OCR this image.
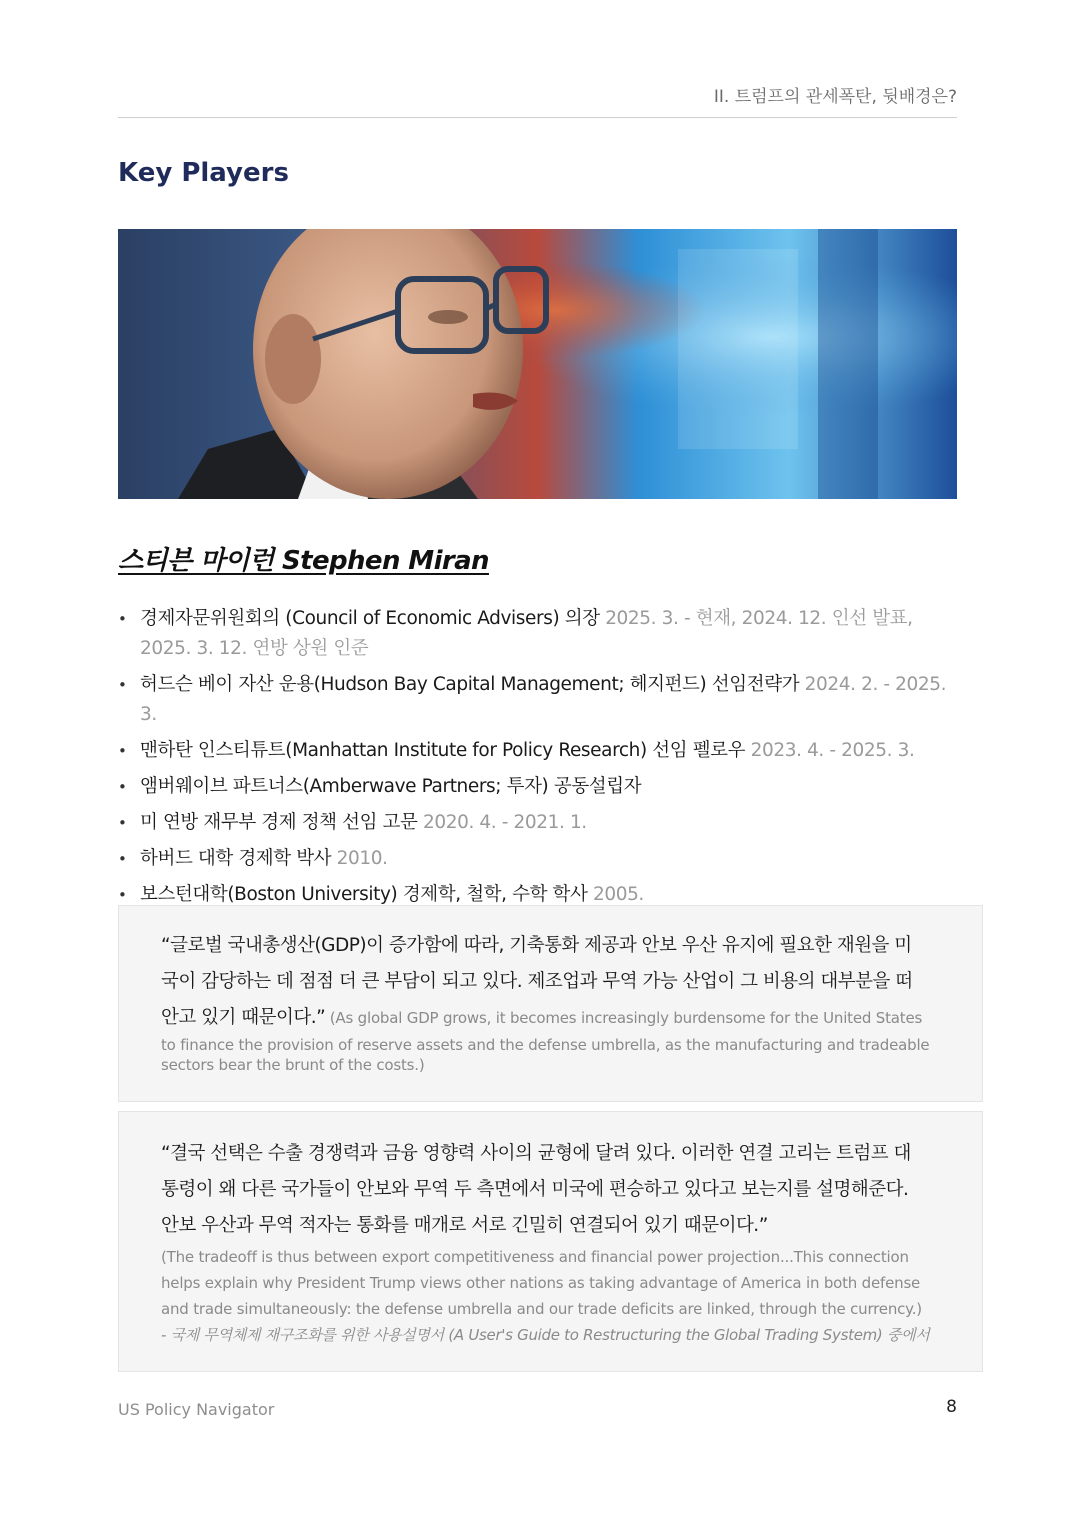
II. 트럼프의 관세폭탄, 뒷배경은?
Key Players
스티븐 마이런 Stephen Miran
• 경제자문위원회의 (Council of Economic Advisers) 의장 2025. 3. - 현재, 2024. 12. 인선 발표, 2025. 3. 12. 연방 상원 인준
• 허드슨 베이 자산 운용(Hudson Bay Capital Management; 헤지펀드) 선임전략가 2024. 2. - 2025. 3.
• 맨하탄 인스티튜트(Manhattan Institute for Policy Research) 선임 펠로우 2023. 4. - 2025. 3.
• 앰버웨이브 파트너스(Amberwave Partners; 투자) 공동설립자
• 미 연방 재무부 경제 정책 선임 고문 2020. 4. - 2021. 1.
• 하버드 대학 경제학 박사 2010.
• 보스턴대학(Boston University) 경제학, 철학, 수학 학사 2005.
“글로벌 국내총생산(GDP)이 증가함에 따라, 기축통화 제공과 안보 우산 유지에 필요한 재원을 미
국이 감당하는 데 점점 더 큰 부담이 되고 있다. 제조업과 무역 가능 산업이 그 비용의 대부분을 떠
안고 있기 때문이다.” (As global GDP grows, it becomes increasingly burdensome for the United States
to finance the provision of reserve assets and the defense umbrella, as the manufacturing and tradeable
sectors bear the brunt of the costs.)
“결국 선택은 수출 경쟁력과 금융 영향력 사이의 균형에 달려 있다. 이러한 연결 고리는 트럼프 대
통령이 왜 다른 국가들이 안보와 무역 두 측면에서 미국에 편승하고 있다고 보는지를 설명해준다.
안보 우산과 무역 적자는 통화를 매개로 서로 긴밀히 연결되어 있기 때문이다.”
(The tradeoff is thus between export competitiveness and financial power projection...This connection
helps explain why President Trump views other nations as taking advantage of America in both defense
and trade simultaneously: the defense umbrella and our trade deficits are linked, through the currency.)
- 국제 무역체제 재구조화를 위한 사용설명서 (A User's Guide to Restructuring the Global Trading System) 중에서
US Policy Navigator	8
